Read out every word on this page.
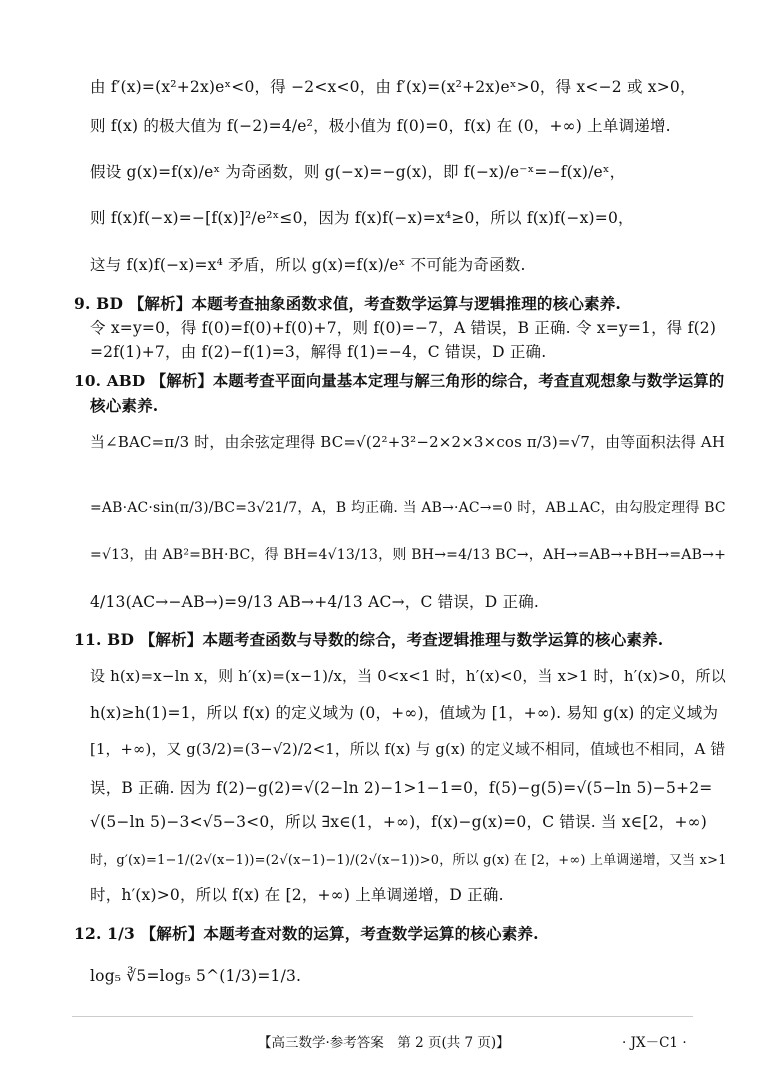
由 f′(x)=(x²+2x)eˣ<0，得 −2<x<0，由 f′(x)=(x²+2x)eˣ>0，得 x<−2 或 x>0，
则 f(x) 的极大值为 f(−2)=4/e²，极小值为 f(0)=0，f(x) 在 (0，+∞) 上单调递增.
假设 g(x)=f(x)/eˣ 为奇函数，则 g(−x)=−g(x)，即 f(−x)/e⁻ˣ=−f(x)/eˣ，
则 f(x)f(−x)=−[f(x)]²/e²ˣ≤0，因为 f(x)f(−x)=x⁴≥0，所以 f(x)f(−x)=0，
这与 f(x)f(−x)=x⁴ 矛盾，所以 g(x)=f(x)/eˣ 不可能为奇函数.
9. BD 【解析】本题考查抽象函数求值，考查数学运算与逻辑推理的核心素养.
令 x=y=0，得 f(0)=f(0)+f(0)+7，则 f(0)=−7，A 错误，B 正确. 令 x=y=1，得 f(2)
=2f(1)+7，由 f(2)−f(1)=3，解得 f(1)=−4，C 错误，D 正确.
10. ABD 【解析】本题考查平面向量基本定理与解三角形的综合，考查直观想象与数学运算的
核心素养.
当∠BAC=π/3 时，由余弦定理得 BC=√(2²+3²−2×2×3×cos π/3)=√7，由等面积法得 AH
=AB·AC·sin(π/3)/BC=3√21/7，A，B 均正确. 当 AB→·AC→=0 时，AB⊥AC，由勾股定理得 BC
=√13，由 AB²=BH·BC，得 BH=4√13/13，则 BH→=4/13 BC→，AH→=AB→+BH→=AB→+
4/13(AC→−AB→)=9/13 AB→+4/13 AC→，C 错误，D 正确.
11. BD 【解析】本题考查函数与导数的综合，考查逻辑推理与数学运算的核心素养.
设 h(x)=x−ln x，则 h′(x)=(x−1)/x，当 0<x<1 时，h′(x)<0，当 x>1 时，h′(x)>0，所以
h(x)≥h(1)=1，所以 f(x) 的定义域为 (0，+∞)，值域为 [1，+∞). 易知 g(x) 的定义域为
[1，+∞)，又 g(3/2)=(3−√2)/2<1，所以 f(x) 与 g(x) 的定义域不相同，值域也不相同，A 错
误，B 正确. 因为 f(2)−g(2)=√(2−ln 2)−1>1−1=0，f(5)−g(5)=√(5−ln 5)−5+2=
√(5−ln 5)−3<√5−3<0，所以 ∃x∈(1，+∞)，f(x)−g(x)=0，C 错误. 当 x∈[2，+∞)
时，g′(x)=1−1/(2√(x−1))=(2√(x−1)−1)/(2√(x−1))>0，所以 g(x) 在 [2，+∞) 上单调递增，又当 x>1
时，h′(x)>0，所以 f(x) 在 [2，+∞) 上单调递增，D 正确.
12. 1/3 【解析】本题考查对数的运算，考查数学运算的核心素养.
log₅ ∛5=log₅ 5^(1/3)=1/3.
【高三数学·参考答案　第 2 页(共 7 页)】	· JX－C1 ·
